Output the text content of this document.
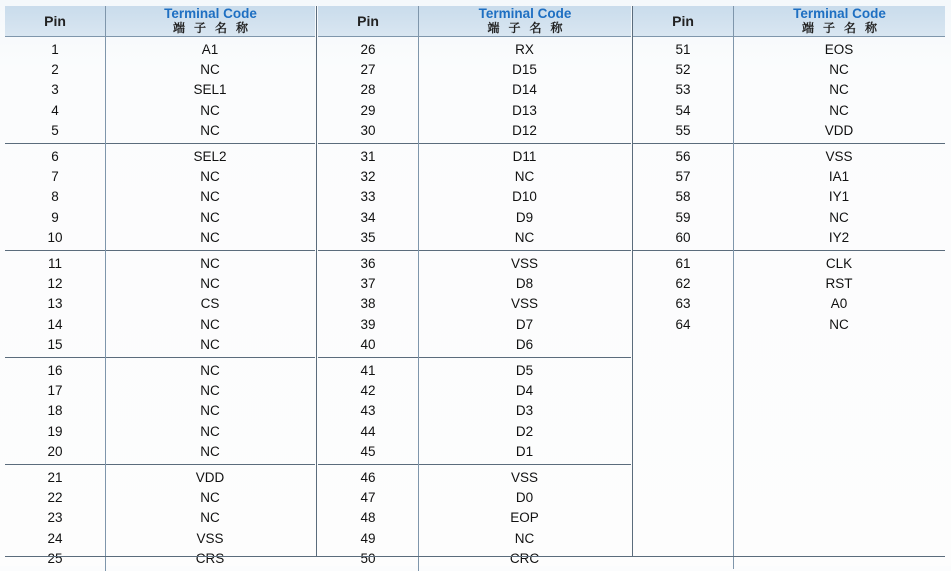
Pin	Terminal Code
端子名称
1	A1
2	NC
3	SEL1
4	NC
5	NC
6	SEL2
7	NC
8	NC
9	NC
10	NC
11	NC
12	NC
13	CS
14	NC
15	NC
16	NC
17	NC
18	NC
19	NC
20	NC
21	VDD
22	NC
23	NC
24	VSS
25	CRS
Pin	Terminal Code
端子名称
26	RX
27	D15
28	D14
29	D13
30	D12
31	D11
32	NC
33	D10
34	D9
35	NC
36	VSS
37	D8
38	VSS
39	D7
40	D6
41	D5
42	D4
43	D3
44	D2
45	D1
46	VSS
47	D0
48	EOP
49	NC
50	CRC
Pin	Terminal Code
端子名称
51	EOS
52	NC
53	NC
54	NC
55	VDD
56	VSS
57	IA1
58	IY1
59	NC
60	IY2
61	CLK
62	RST
63	A0
64	NC
